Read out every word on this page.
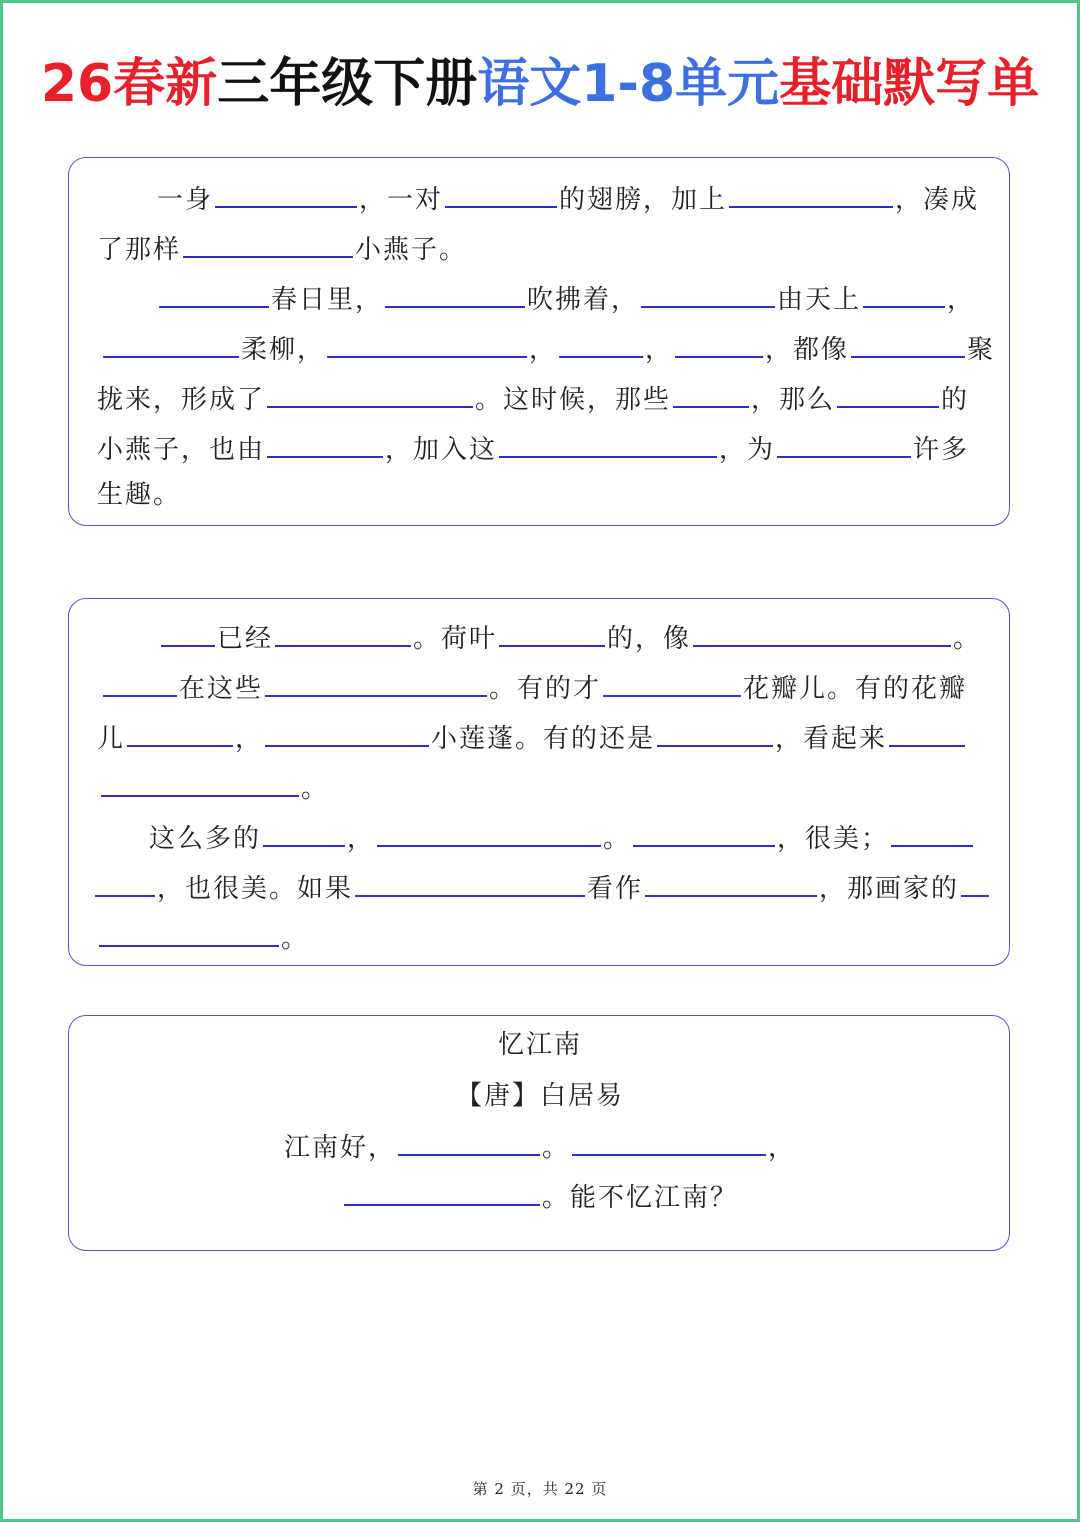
26春新三年级下册语文1-8单元基础默写单
一身	，一对	的翅膀，加上	，凑成
了那样	小燕子。
春日里，	吹拂着，	由天上	，
柔柳，	，	，	，都像	聚
拢来，形成了	。这时候，那些	，那么	的
小燕子，也由	，加入这	，为	许多
生趣。
已经	。荷叶	的，像	。
在这些	。有的才	花瓣儿。有的花瓣
儿	，	小莲蓬。有的还是	，看起来
。
这么多的	，	。	，很美；
，也很美。如果	看作	，那画家的
。
忆江南
【唐】白居易
江南好，	。	，
。能不忆江南？
第 2 页，共 22 页
